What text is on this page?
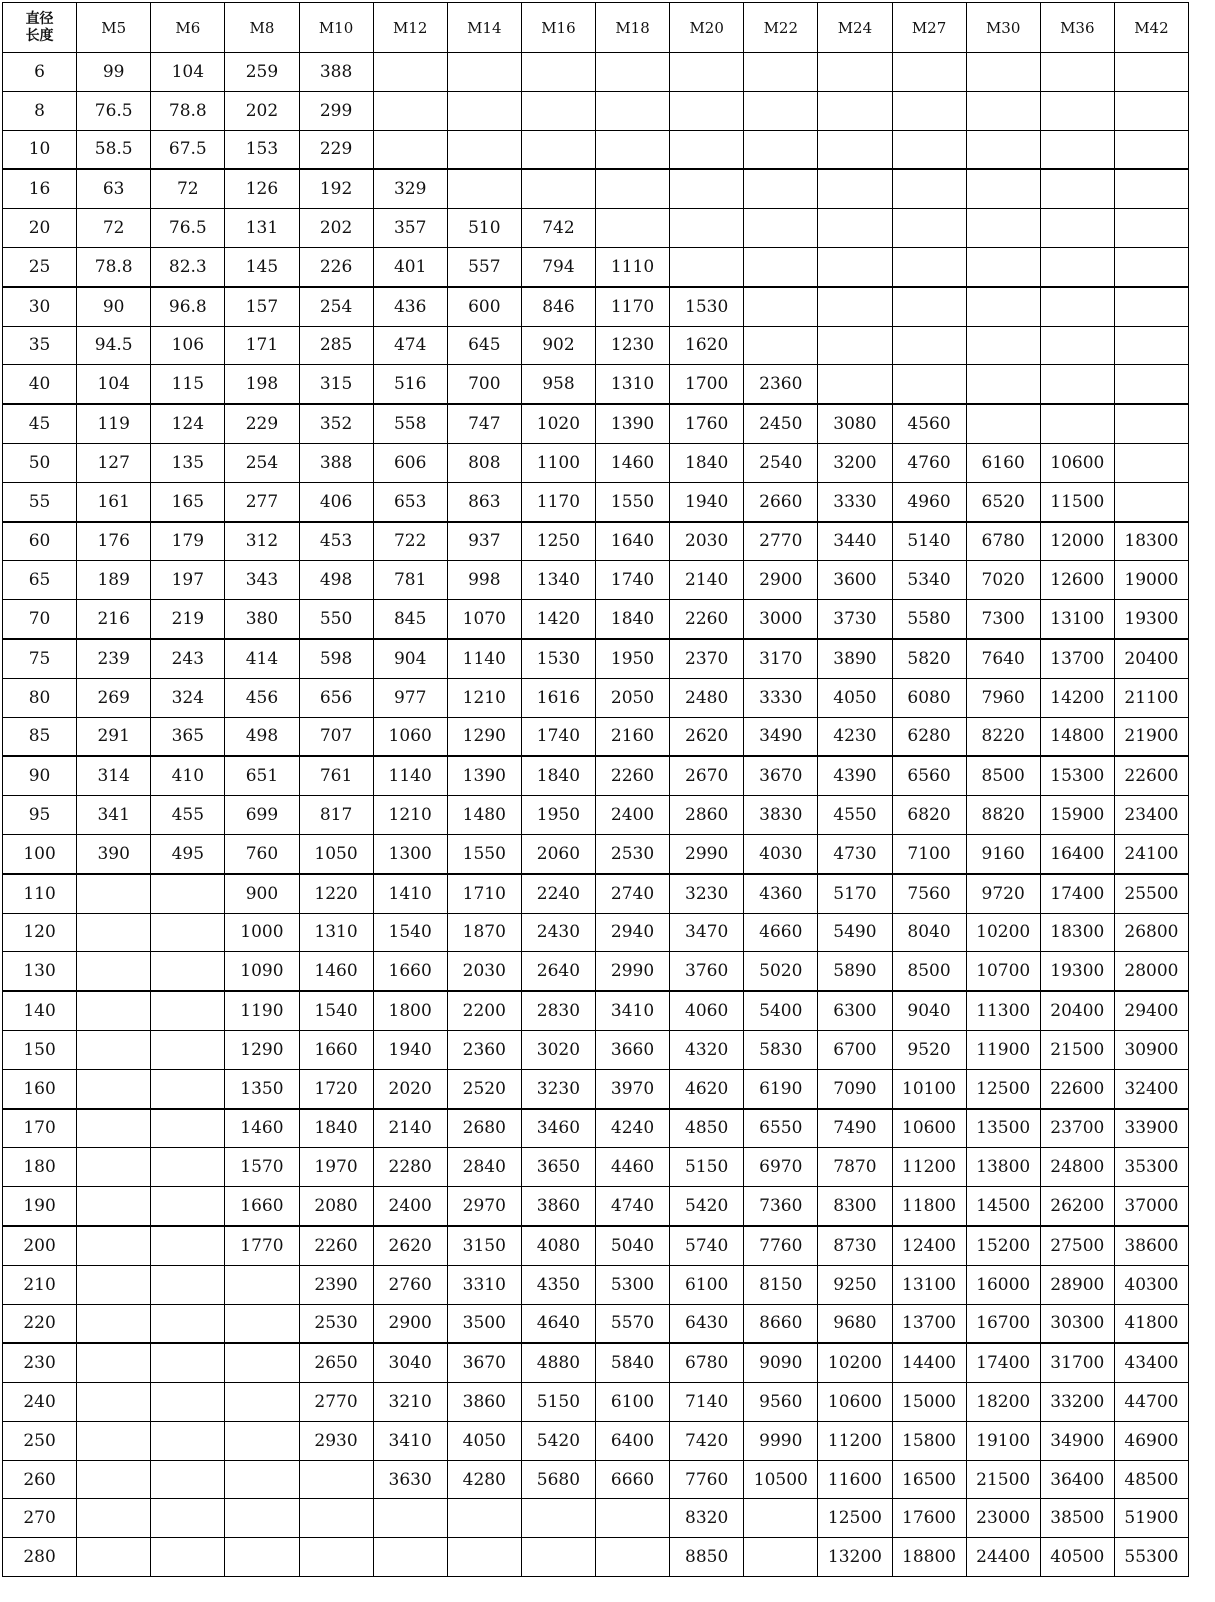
直径
长度	M5	M6	M8	M10	M12	M14	M16	M18	M20	M22	M24	M27	M30	M36	M42
6	99	104	259	388											
8	76.5	78.8	202	299											
10	58.5	67.5	153	229											
16	63	72	126	192	329										
20	72	76.5	131	202	357	510	742								
25	78.8	82.3	145	226	401	557	794	1110							
30	90	96.8	157	254	436	600	846	1170	1530						
35	94.5	106	171	285	474	645	902	1230	1620						
40	104	115	198	315	516	700	958	1310	1700	2360					
45	119	124	229	352	558	747	1020	1390	1760	2450	3080	4560			
50	127	135	254	388	606	808	1100	1460	1840	2540	3200	4760	6160	10600	
55	161	165	277	406	653	863	1170	1550	1940	2660	3330	4960	6520	11500	
60	176	179	312	453	722	937	1250	1640	2030	2770	3440	5140	6780	12000	18300
65	189	197	343	498	781	998	1340	1740	2140	2900	3600	5340	7020	12600	19000
70	216	219	380	550	845	1070	1420	1840	2260	3000	3730	5580	7300	13100	19300
75	239	243	414	598	904	1140	1530	1950	2370	3170	3890	5820	7640	13700	20400
80	269	324	456	656	977	1210	1616	2050	2480	3330	4050	6080	7960	14200	21100
85	291	365	498	707	1060	1290	1740	2160	2620	3490	4230	6280	8220	14800	21900
90	314	410	651	761	1140	1390	1840	2260	2670	3670	4390	6560	8500	15300	22600
95	341	455	699	817	1210	1480	1950	2400	2860	3830	4550	6820	8820	15900	23400
100	390	495	760	1050	1300	1550	2060	2530	2990	4030	4730	7100	9160	16400	24100
110			900	1220	1410	1710	2240	2740	3230	4360	5170	7560	9720	17400	25500
120			1000	1310	1540	1870	2430	2940	3470	4660	5490	8040	10200	18300	26800
130			1090	1460	1660	2030	2640	2990	3760	5020	5890	8500	10700	19300	28000
140			1190	1540	1800	2200	2830	3410	4060	5400	6300	9040	11300	20400	29400
150			1290	1660	1940	2360	3020	3660	4320	5830	6700	9520	11900	21500	30900
160			1350	1720	2020	2520	3230	3970	4620	6190	7090	10100	12500	22600	32400
170			1460	1840	2140	2680	3460	4240	4850	6550	7490	10600	13500	23700	33900
180			1570	1970	2280	2840	3650	4460	5150	6970	7870	11200	13800	24800	35300
190			1660	2080	2400	2970	3860	4740	5420	7360	8300	11800	14500	26200	37000
200			1770	2260	2620	3150	4080	5040	5740	7760	8730	12400	15200	27500	38600
210				2390	2760	3310	4350	5300	6100	8150	9250	13100	16000	28900	40300
220				2530	2900	3500	4640	5570	6430	8660	9680	13700	16700	30300	41800
230				2650	3040	3670	4880	5840	6780	9090	10200	14400	17400	31700	43400
240				2770	3210	3860	5150	6100	7140	9560	10600	15000	18200	33200	44700
250				2930	3410	4050	5420	6400	7420	9990	11200	15800	19100	34900	46900
260					3630	4280	5680	6660	7760	10500	11600	16500	21500	36400	48500
270									8320		12500	17600	23000	38500	51900
280									8850		13200	18800	24400	40500	55300
